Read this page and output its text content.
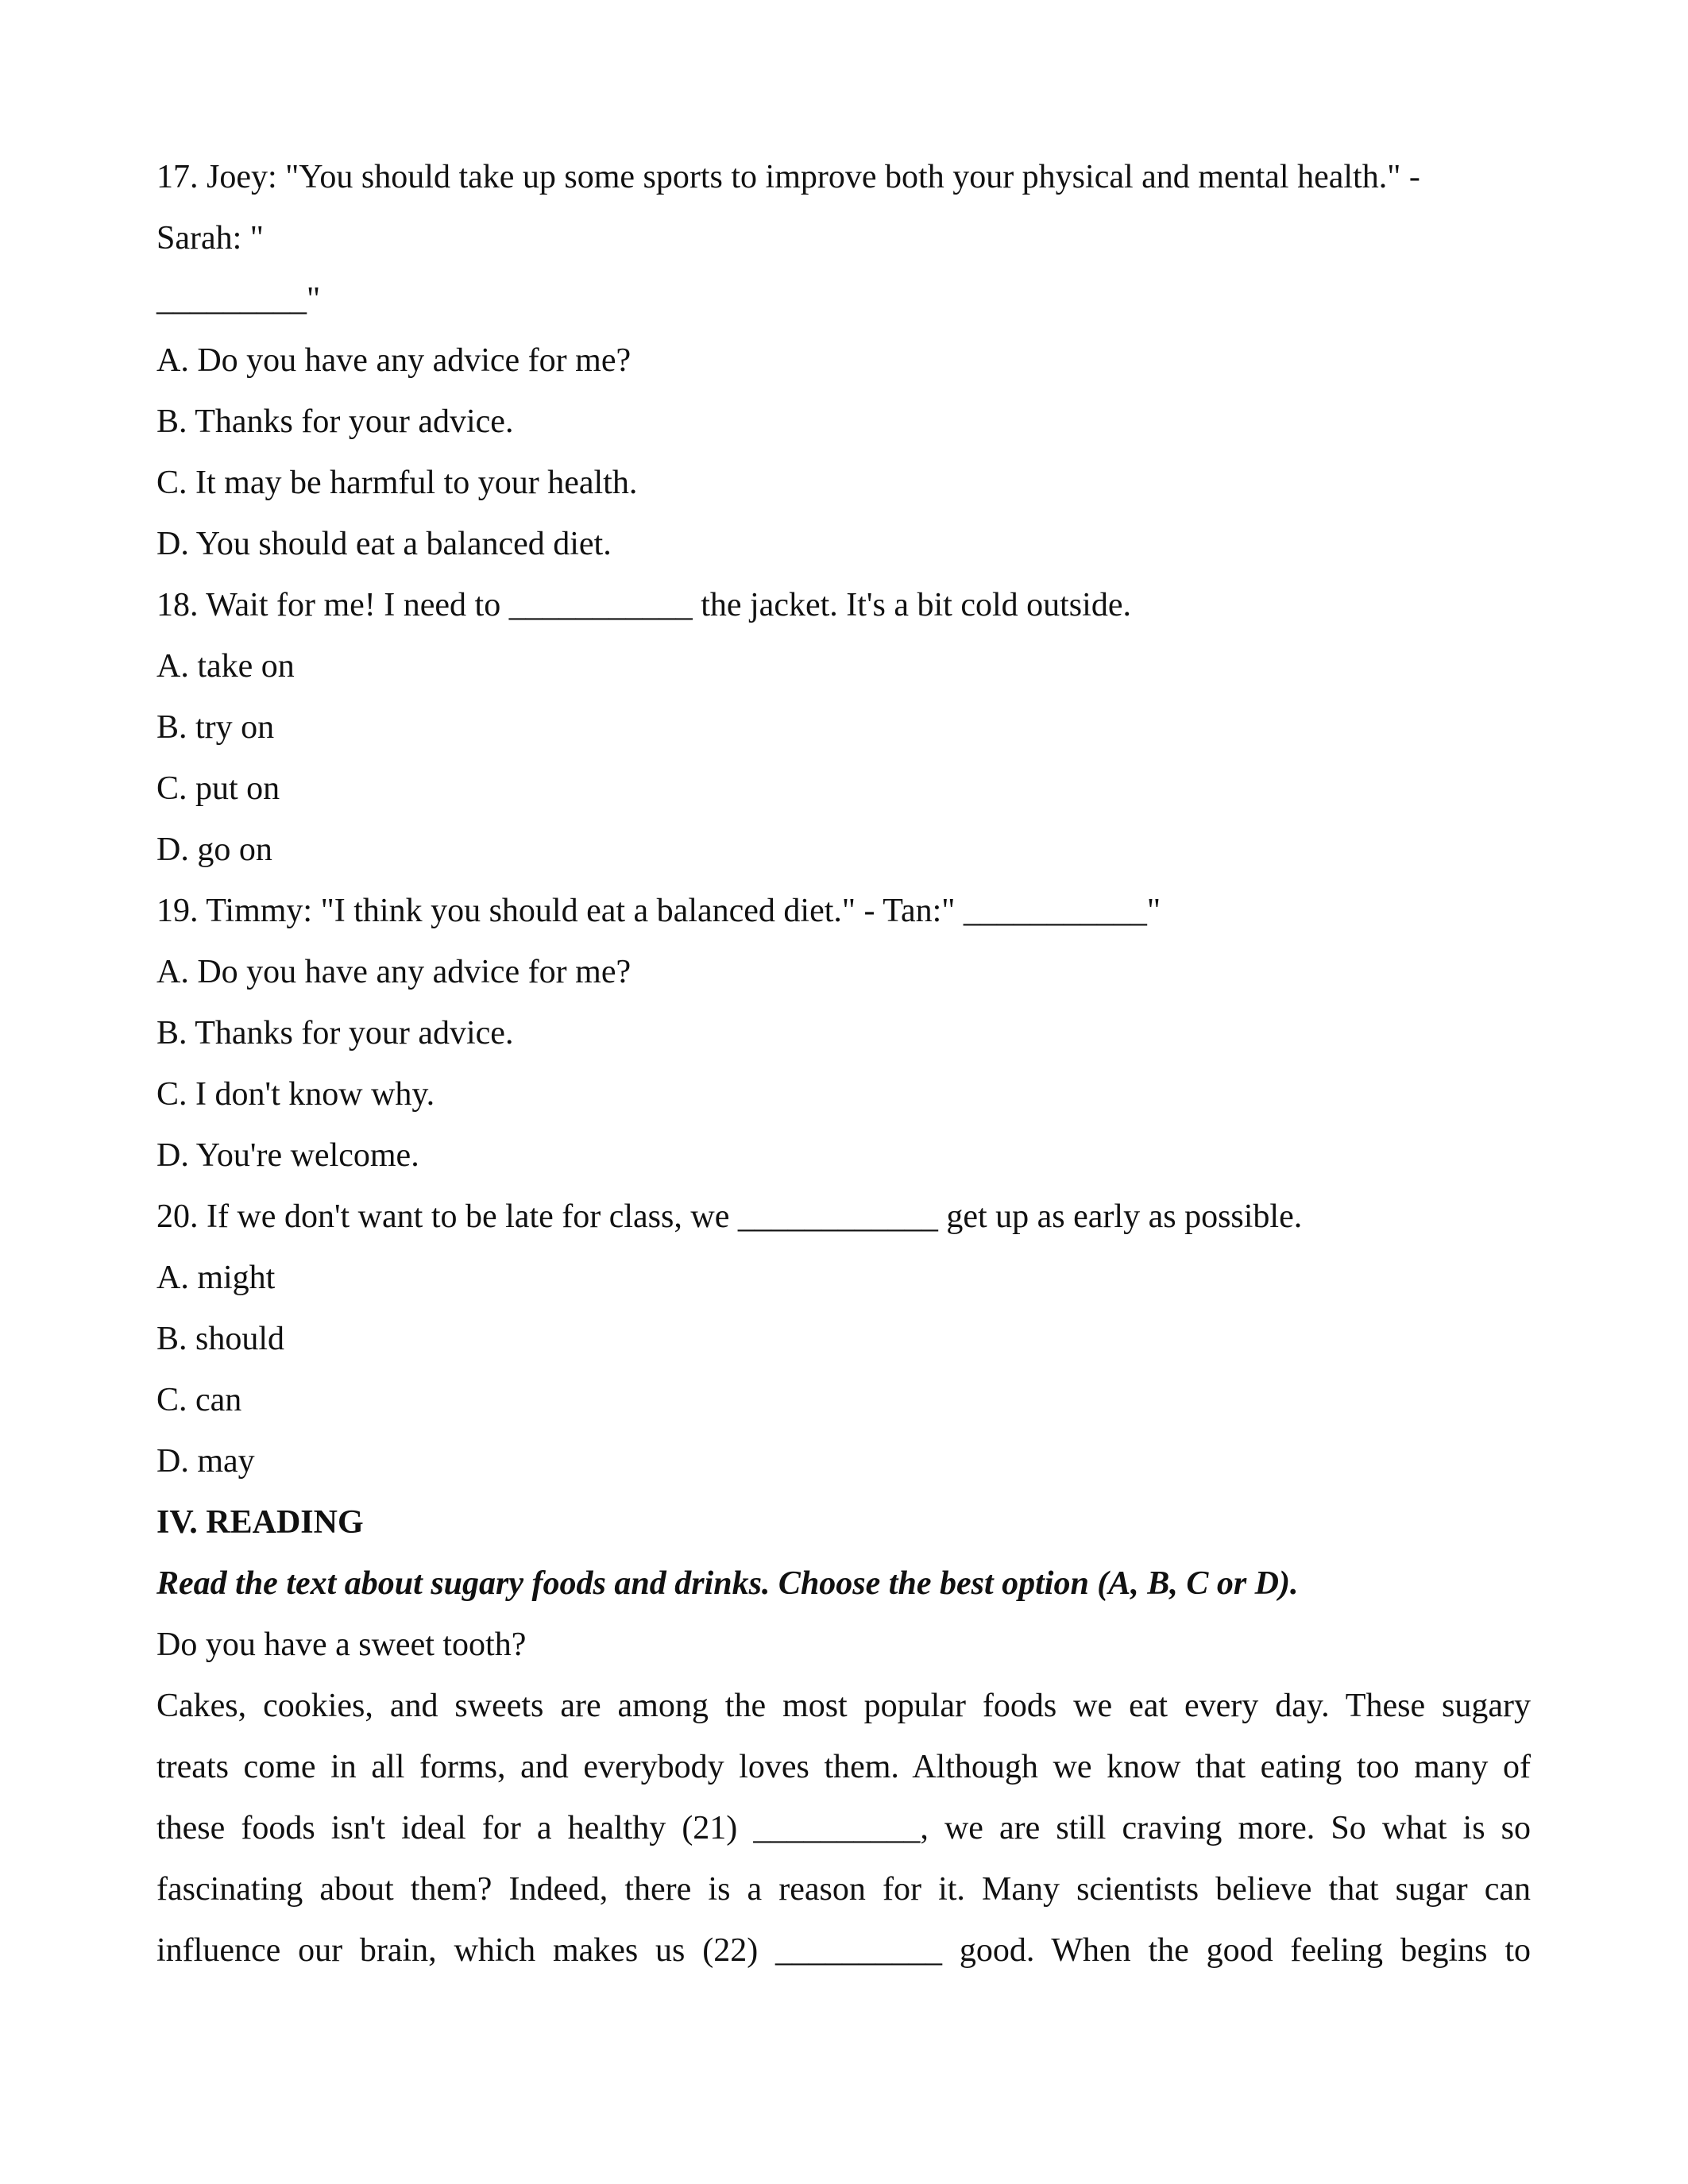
17. Joey: "You should take up some sports to improve both your physical and mental health." -

Sarah: "

_________"

A. Do you have any advice for me?

B. Thanks for your advice.

C. It may be harmful to your health.

D. You should eat a balanced diet.

18. Wait for me! I need to ___________ the jacket. It's a bit cold outside.

A. take on

B. try on

C. put on

D. go on

19. Timmy: "I think you should eat a balanced diet." - Tan:" ___________"

A. Do you have any advice for me?

B. Thanks for your advice.

C. I don't know why.

D. You're welcome.

20. If we don't want to be late for class, we ____________ get up as early as possible.

A. might

B. should

C. can

D. may

IV. READING

Read the text about sugary foods and drinks. Choose the best option (A, B, C or D).

Do you have a sweet tooth?

Cakes, cookies, and sweets are among the most popular foods we eat every day. These sugary

treats come in all forms, and everybody loves them. Although we know that eating too many of

these foods isn't ideal for a healthy (21) __________, we are still craving more. So what is so

fascinating about them? Indeed, there is a reason for it. Many scientists believe that sugar can

influence our brain, which makes us (22) __________ good. When the good feeling begins to
